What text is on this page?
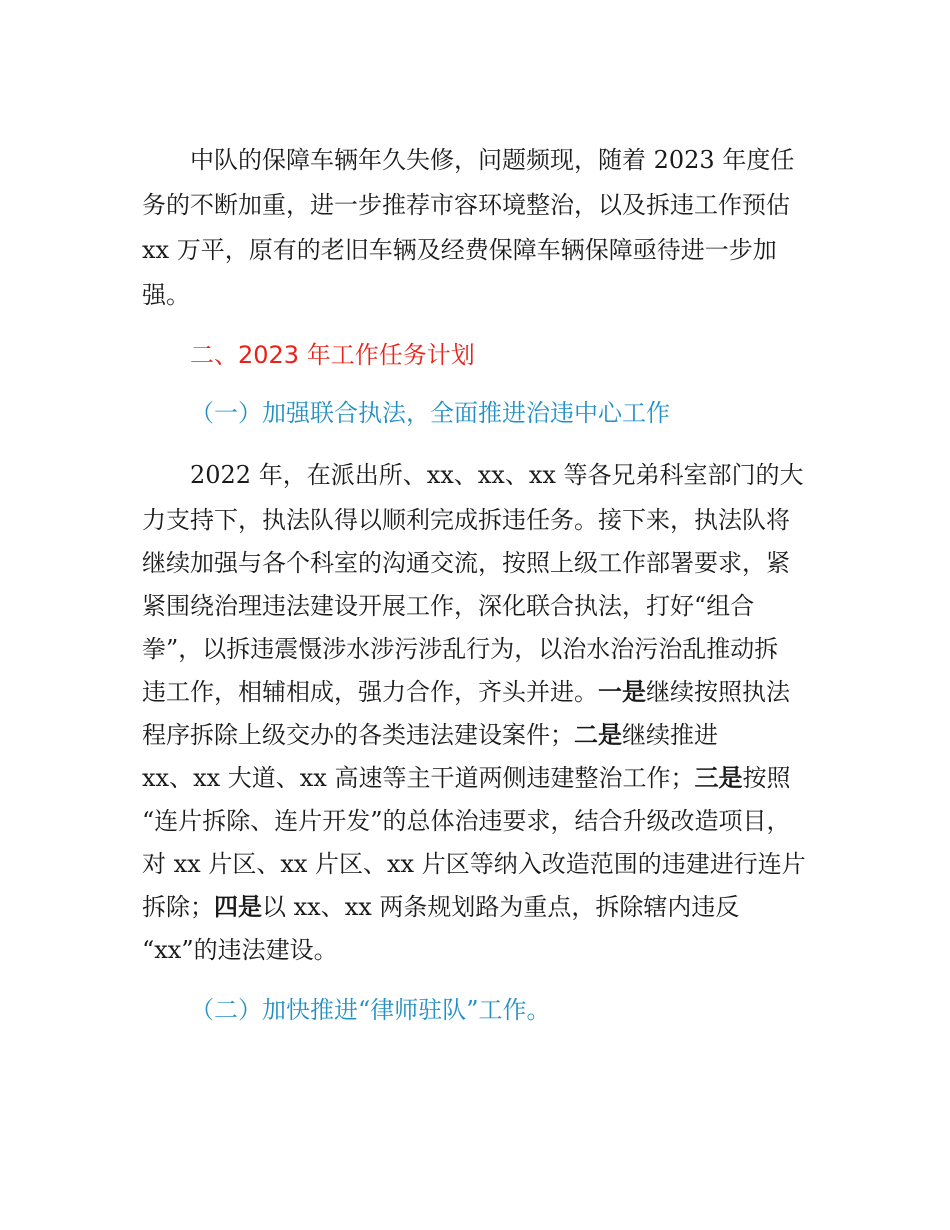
中队的保障车辆年久失修，问题频现，随着 2023 年度任
务的不断加重，进一步推荐市容环境整治，以及拆违工作预估
xx 万平，原有的老旧车辆及经费保障车辆保障亟待进一步加
强。
二、2023 年工作任务计划
（一）加强联合执法，全面推进治违中心工作
2022 年，在派出所、xx、xx、xx 等各兄弟科室部门的大
力支持下，执法队得以顺利完成拆违任务。接下来，执法队将
继续加强与各个科室的沟通交流，按照上级工作部署要求，紧
紧围绕治理违法建设开展工作，深化联合执法，打好“组合
拳”，以拆违震慑涉水涉污涉乱行为，以治水治污治乱推动拆
违工作，相辅相成，强力合作，齐头并进。一是继续按照执法
程序拆除上级交办的各类违法建设案件；二是继续推进
xx、xx 大道、xx 高速等主干道两侧违建整治工作；三是按照
“连片拆除、连片开发”的总体治违要求，结合升级改造项目，
对 xx 片区、xx 片区、xx 片区等纳入改造范围的违建进行连片
拆除；四是以 xx、xx 两条规划路为重点，拆除辖内违反
“xx”的违法建设。
（二）加快推进“律师驻队”工作。
